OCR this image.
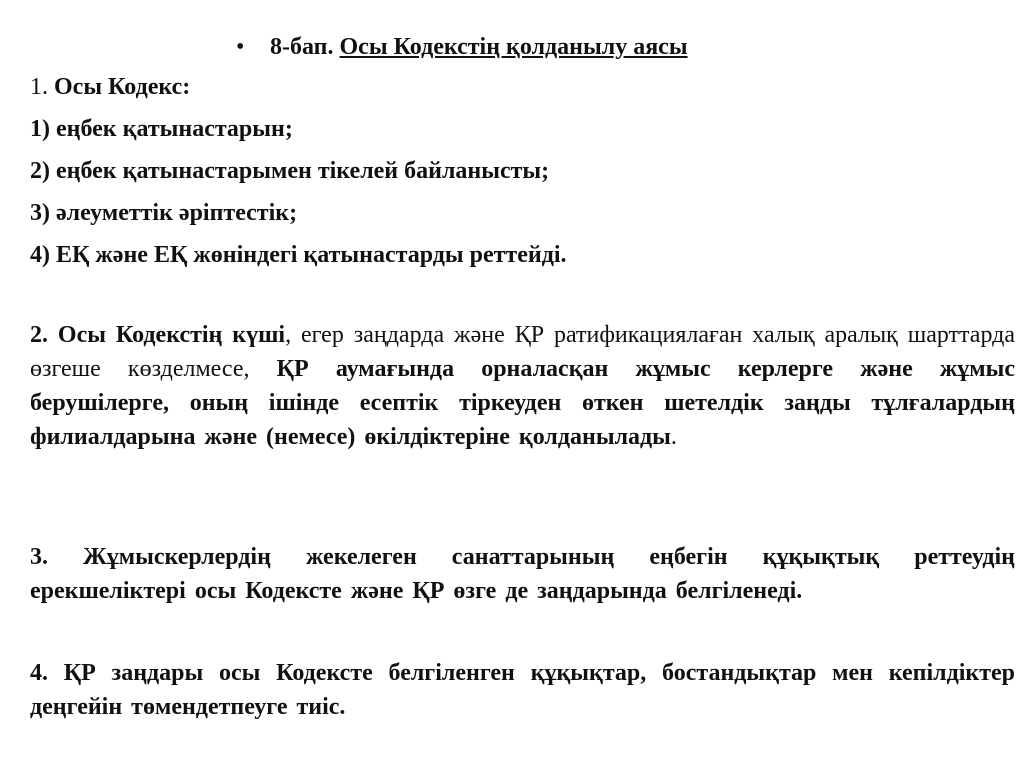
• 8-бап. Осы Кодекстің қолданылу аясы
1. Осы Кодекс:
1) еңбек қатынастарын;
2) еңбек қатынастарымен тікелей байланысты;
3) әлеуметтік әріптестік;
4) ЕҚ және ЕҚ жөніндегі қатынастарды реттейді.
2. Осы Кодекстің күші, егер заңдарда және ҚР ратификациялаған халық аралық шарттарда өзгеше көзделмесе, ҚР аумағында орналасқан жұмыс керлерге және жұмыс берушілерге, оның ішінде есептік тіркеуден өткен шетелдік заңды тұлғалардың филиалдарына және (немесе) өкілдіктеріне қолданылады.
3. Жұмыскерлердің жекелеген санаттарының еңбегін құқықтық реттеудің ерекшеліктері осы Кодексте және ҚР өзге де заңдарында белгіленеді.
4. ҚР заңдары осы Кодексте белгіленген құқықтар, бостандықтар мен кепілдіктер деңгейін төмендетпеуге тиіс.
